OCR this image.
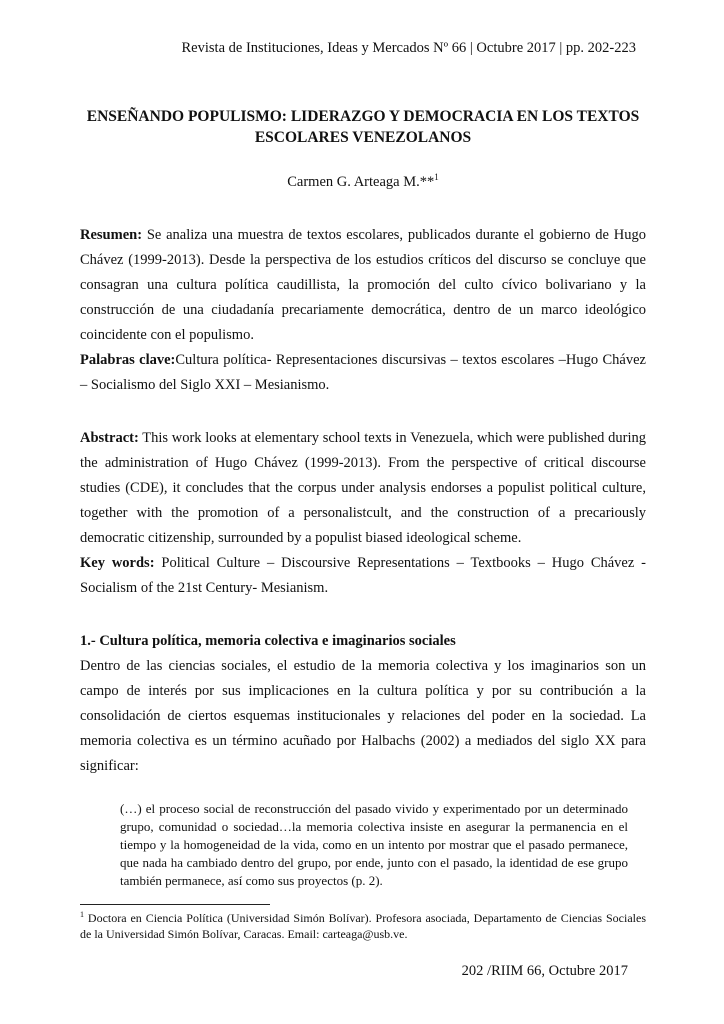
Revista de Instituciones, Ideas y Mercados Nº 66 | Octubre 2017 | pp. 202-223
ENSEÑANDO POPULISMO: LIDERAZGO Y DEMOCRACIA EN LOS TEXTOS ESCOLARES VENEZOLANOS
Carmen G. Arteaga M.**$^1$

Resumen: Se analiza una muestra de textos escolares, publicados durante el gobierno de Hugo Chávez (1999-2013). Desde la perspectiva de los estudios críticos del discurso se concluye que consagran una cultura política caudillista, la promoción del culto cívico bolivariano y la construcción de una ciudadanía precariamente democrática, dentro de un marco ideológico coincidente con el populismo.

Palabras clave:Cultura política- Representaciones discursivas – textos escolares –Hugo Chávez – Socialismo del Siglo XXI – Mesianismo.

Abstract: This work looks at elementary school texts in Venezuela, which were published during the administration of Hugo Chávez (1999-2013). From the perspective of critical discourse studies (CDE), it concludes that the corpus under analysis endorses a populist political culture, together with the promotion of a personalistcult, and the construction of a precariously democratic citizenship, surrounded by a populist biased ideological scheme.

Key words: Political Culture – Discoursive Representations – Textbooks – Hugo Chávez - Socialism of the 21st Century- Mesianism.

1.- Cultura política, memoria colectiva e imaginarios sociales

Dentro de las ciencias sociales, el estudio de la memoria colectiva y los imaginarios son un campo de interés por sus implicaciones en la cultura política y por su contribución a la consolidación de ciertos esquemas institucionales y relaciones del poder en la sociedad. La memoria colectiva es un término acuñado por Halbachs (2002) a mediados del siglo XX para significar:

(…) el proceso social de reconstrucción del pasado vivido y experimentado por un determinado grupo, comunidad o sociedad…la memoria colectiva insiste en asegurar la permanencia en el tiempo y la homogeneidad de la vida, como en un intento por mostrar que el pasado permanece, que nada ha cambiado dentro del grupo, por ende, junto con el pasado, la identidad de ese grupo también permanece, así como sus proyectos (p. 2).

$^1$ Doctora en Ciencia Política (Universidad Simón Bolívar). Profesora asociada, Departamento de Ciencias Sociales de la Universidad Simón Bolívar, Caracas. Email: carteaga@usb.ve.

202 /RIIM 66, Octubre 2017
